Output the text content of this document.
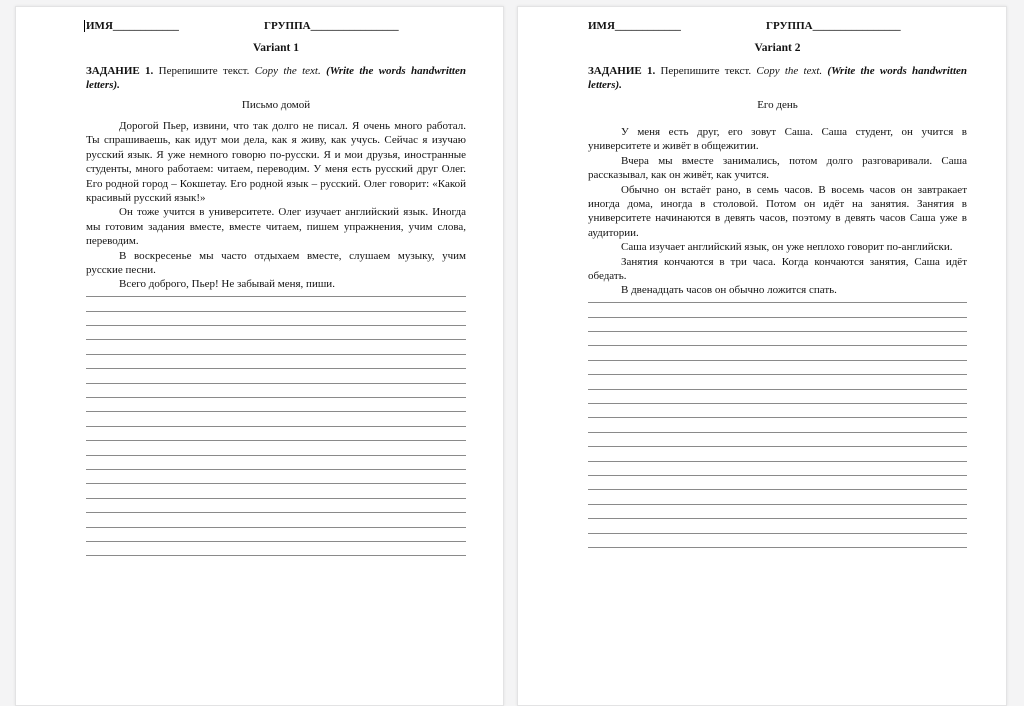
ИМЯ____________	ГРУППА________________
Variant 1
ЗАДАНИЕ 1. Перепишите текст. Copy the text. (Write the words handwritten letters).
Письмо домой

Дорогой Пьер, извини, что так долго не писал. Я очень много работал. Ты спрашиваешь, как идут мои дела, как я живу, как учусь. Сейчас я изучаю русский язык. Я уже немного говорю по-русски. Я и мои друзья, иностранные студенты, много работаем: читаем, переводим. У меня есть русский друг Олег. Его родной город – Кокшетау. Его родной язык – русский. Олег говорит: «Какой красивый русский язык!»

Он тоже учится в университете. Олег изучает английский язык. Иногда мы готовим задания вместе, вместе читаем, пишем упражнения, учим слова, переводим.

В воскресенье мы часто отдыхаем вместе, слушаем музыку, учим русские песни.

Всего доброго, Пьер! Не забывай меня, пиши.

ИМЯ____________	ГРУППА________________
Variant 2
ЗАДАНИЕ 1. Перепишите текст. Copy the text. (Write the words handwritten letters).
Его день

У меня есть друг, его зовут Саша. Саша студент, он учится в университете и живёт в общежитии.

Вчера мы вместе занимались, потом долго разговаривали. Саша рассказывал, как он живёт, как учится.

Обычно он встаёт рано, в семь часов. В восемь часов он завтракает иногда дома, иногда в столовой. Потом он идёт на занятия. Занятия в университете начинаются в девять часов, поэтому в девять часов Саша уже в аудитории.

Саша изучает английский язык, он уже неплохо говорит по-английски.

Занятия кончаются в три часа. Когда кончаются занятия, Саша идёт обедать.

В двенадцать часов он обычно ложится спать.
